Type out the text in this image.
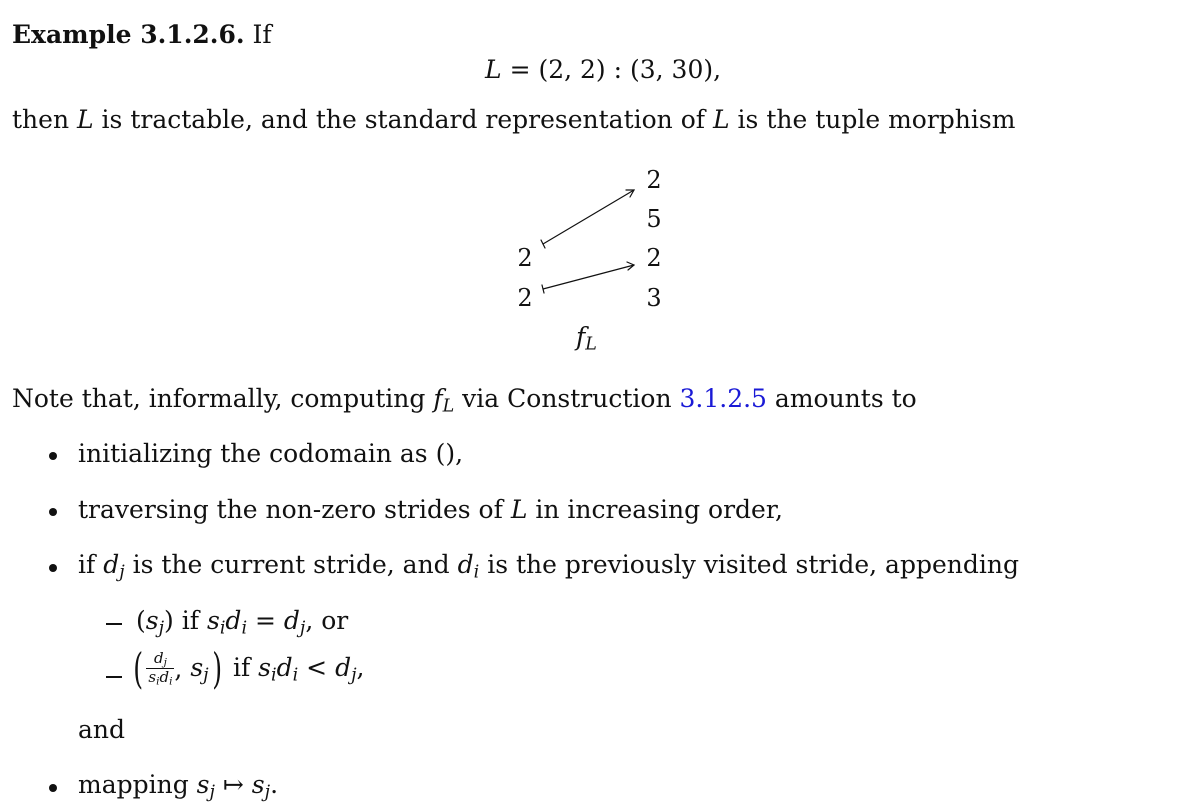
Example 3.1.2.6. If
L = (2, 2) : (3, 30),
then L is tractable, and the standard representation of L is the tuple morphism
2
2
2
5
2
3
$f_L$
Note that, informally, computing $f_L$ via Construction 3.1.2.5 amounts to
initializing the codomain as (),
traversing the non-zero strides of L in increasing order,
if $d_j$ is the current stride, and $d_i$ is the previously visited stride, appending
$(s_j)$ if $s_id_i = d_j$, or
( $\frac{d_j}{s_id_i}$ , $s_j$) if $s_id_i < d_j$,
and
mapping $s_j$ ↦ $s_j$.
